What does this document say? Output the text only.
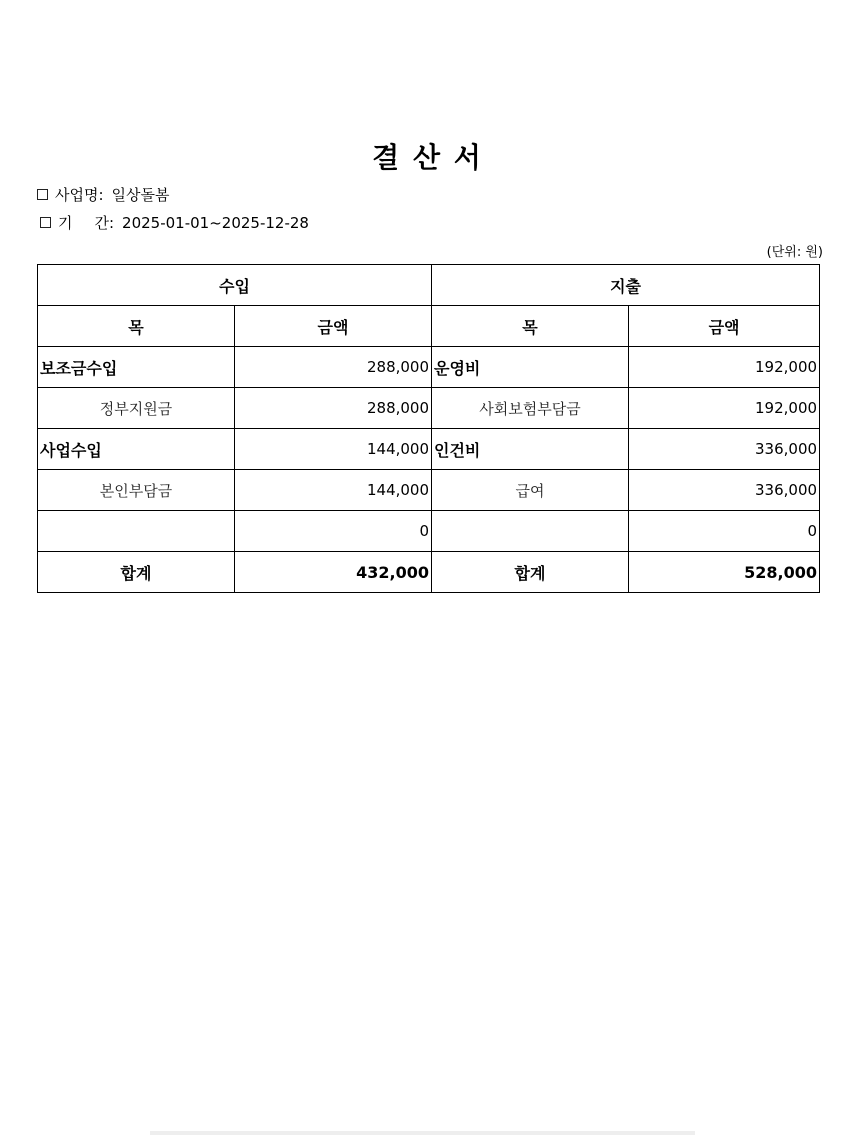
결 산 서
사업명: 일상돌봄
기 간: 2025-01-01~2025-12-28
(단위: 원)
수입		지출	
목	금액	목	금액
보조금수입	288,000	운영비	192,000
정부지원금	288,000	사회보험부담금	192,000
사업수입	144,000	인건비	336,000
본인부담금	144,000	급여	336,000
	0		0
합계	432,000	합계	528,000
